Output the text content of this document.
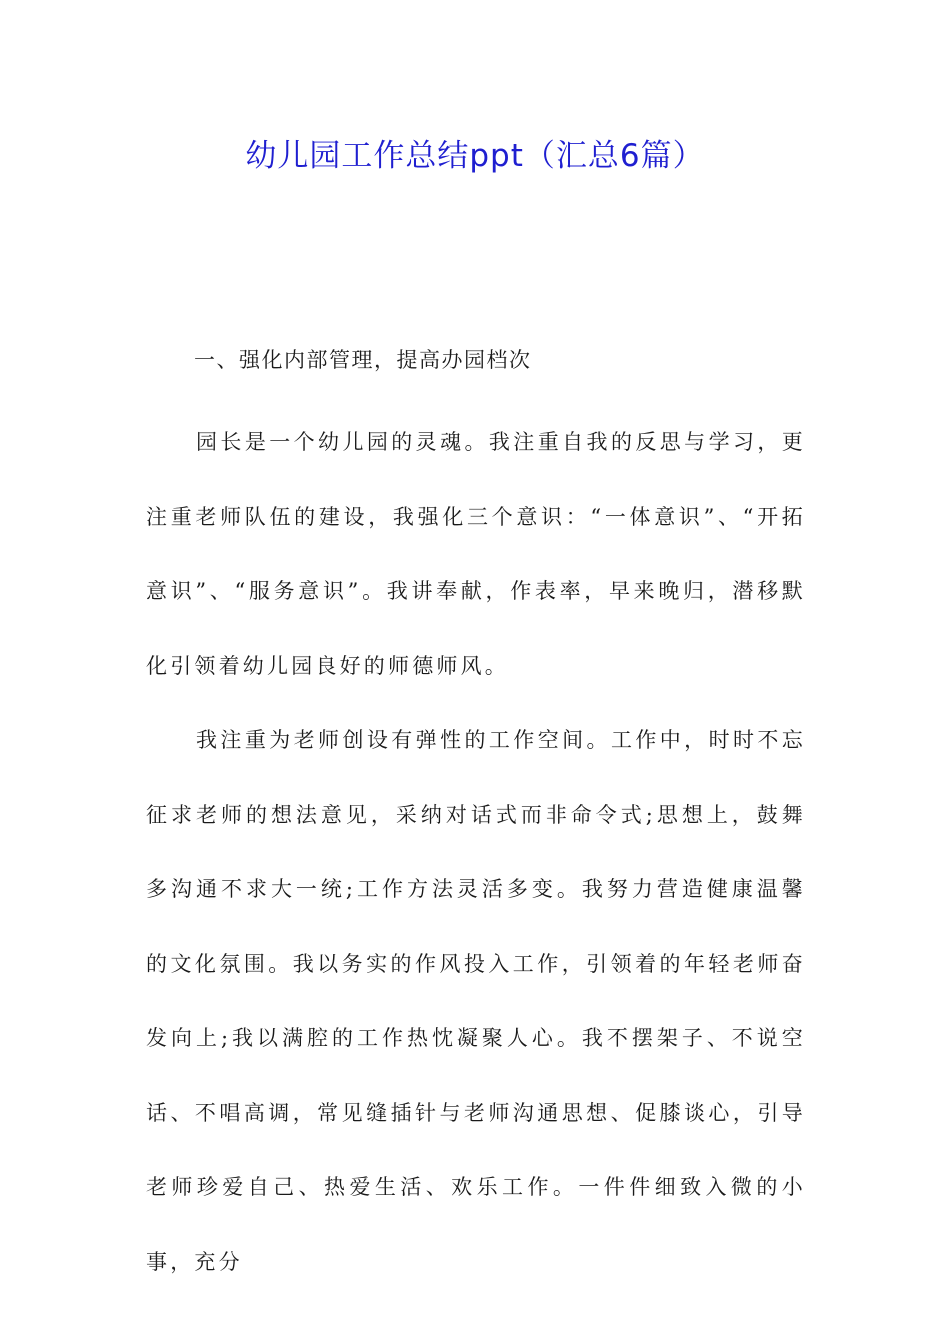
幼儿园工作总结ppt（汇总6篇）

一、强化内部管理，提高办园档次

园长是一个幼儿园的灵魂。我注重自我的反思与学习，更注重老师队伍的建设，我强化三个意识：“一体意识”、“开拓意识”、“服务意识”。我讲奉献，作表率，早来晚归，潜移默化引领着幼儿园良好的师德师风。

我注重为老师创设有弹性的工作空间。工作中，时时不忘征求老师的想法意见，采纳对话式而非命令式;思想上，鼓舞多沟通不求大一统;工作方法灵活多变。我努力营造健康温馨的文化氛围。我以务实的作风投入工作，引领着的年轻老师奋发向上;我以满腔的工作热忱凝聚人心。我不摆架子、不说空话、不唱高调，常见缝插针与老师沟通思想、促膝谈心，引导老师珍爱自己、热爱生活、欢乐工作。一件件细致入微的小事，充分
